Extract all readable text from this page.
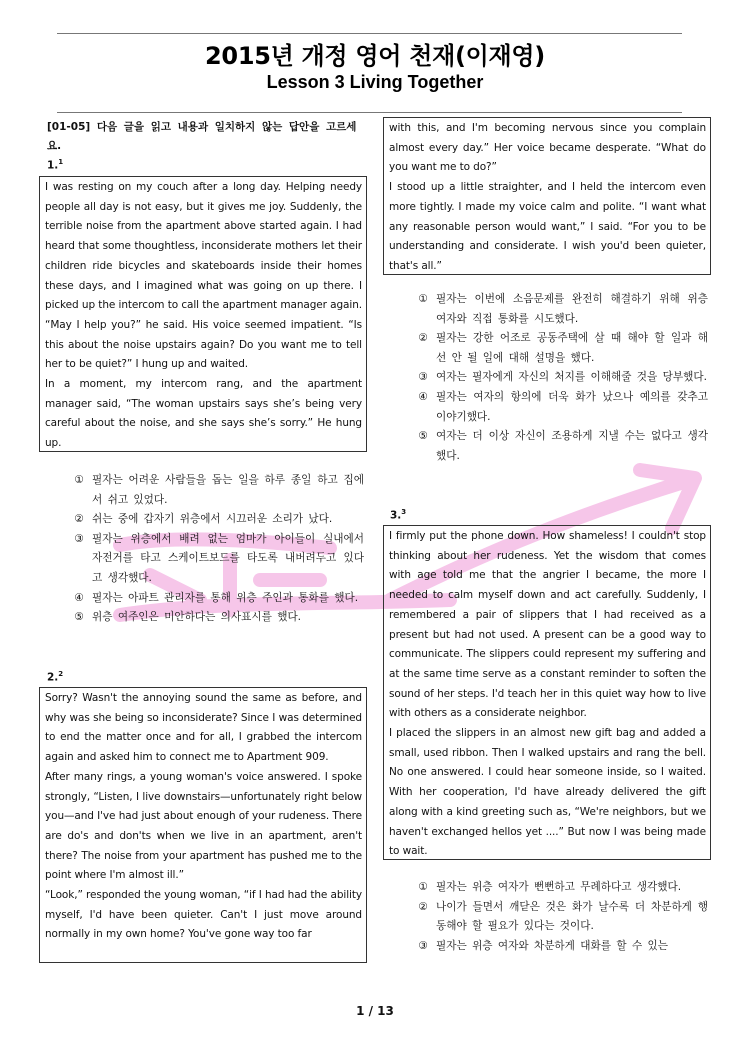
2015년 개정 영어 천재(이재영)
Lesson 3 Living Together
[01-05] 다음 글을 읽고 내용과 일치하지 않는 답안을 고르세요.
1.$^1$

I was resting on my couch after a long day. Helping needy people all day is not easy, but it gives me joy. Suddenly, the terrible noise from the apartment above started again. I had heard that some thoughtless, inconsiderate mothers let their children ride bicycles and skateboards inside their homes these days, and I imagined what was going on up there. I picked up the intercom to call the apartment manager again. “May I help you?” he said. His voice seemed impatient. “Is this about the noise upstairs again? Do you want me to tell her to be quiet?” I hung up and waited.

In a moment, my intercom rang, and the apartment manager said, “The woman upstairs says she’s being very careful about the noise, and she says she’s sorry.” He hung up.

① 필자는 어려운 사람들을 돕는 일을 하루 종일 하고 집에서 쉬고 있었다.
② 쉬는 중에 갑자기 위층에서 시끄러운 소리가 났다.
③ 필자는 위층에서 배려 없는 엄마가 아이들이 실내에서 자전거를 타고 스케이트보드를 타도록 내버려두고 있다고 생각했다.
④ 필자는 아파트 관리자를 통해 위층 주인과 통화를 했다.
⑤ 위층 여주인은 미안하다는 의사표시를 했다.
2.$^2$

Sorry? Wasn't the annoying sound the same as before, and why was she being so inconsiderate? Since I was determined to end the matter once and for all, I grabbed the intercom again and asked him to connect me to Apartment 909.

After many rings, a young woman's voice answered. I spoke strongly, “Listen, I live downstairs—unfortunately right below you—and I've had just about enough of your rudeness. There are do's and don'ts when we live in an apartment, aren't there? The noise from your apartment has pushed me to the point where I'm almost ill.”

“Look,” responded the young woman, “if I had had the ability myself, I'd have been quieter. Can't I just move around normally in my own home? You've gone way too far

with this, and I'm becoming nervous since you complain almost every day.” Her voice became desperate. “What do you want me to do?”

I stood up a little straighter, and I held the intercom even more tightly. I made my voice calm and polite. “I want what any reasonable person would want,” I said. “For you to be understanding and considerate. I wish you'd been quieter, that's all.”

① 필자는 이번에 소음문제를 완전히 해결하기 위해 위층 여자와 직접 통화를 시도했다.
② 필자는 강한 어조로 공동주택에 살 때 해야 할 일과 해선 안 될 일에 대해 설명을 했다.
③ 여자는 필자에게 자신의 처지를 이해해줄 것을 당부했다.
④ 필자는 여자의 항의에 더욱 화가 났으나 예의를 갖추고 이야기했다.
⑤ 여자는 더 이상 자신이 조용하게 지낼 수는 없다고 생각했다.
3.$^3$

I firmly put the phone down. How shameless! I couldn't stop thinking about her rudeness. Yet the wisdom that comes with age told me that the angrier I became, the more I needed to calm myself down and act carefully. Suddenly, I remembered a pair of slippers that I had received as a present but had not used. A present can be a good way to communicate. The slippers could represent my suffering and at the same time serve as a constant reminder to soften the sound of her steps. I'd teach her in this quiet way how to live with others as a considerate neighbor.

I placed the slippers in an almost new gift bag and added a small, used ribbon. Then I walked upstairs and rang the bell. No one answered. I could hear someone inside, so I waited. With her cooperation, I'd have already delivered the gift along with a kind greeting such as, “We're neighbors, but we haven't exchanged hellos yet ....” But now I was being made to wait.

① 필자는 위층 여자가 뻔뻔하고 무례하다고 생각했다.
② 나이가 들면서 깨닫은 것은 화가 날수록 더 차분하게 행동해야 할 필요가 있다는 것이다.
③ 필자는 위층 여자와 차분하게 대화를 할 수 있는
1 / 13
